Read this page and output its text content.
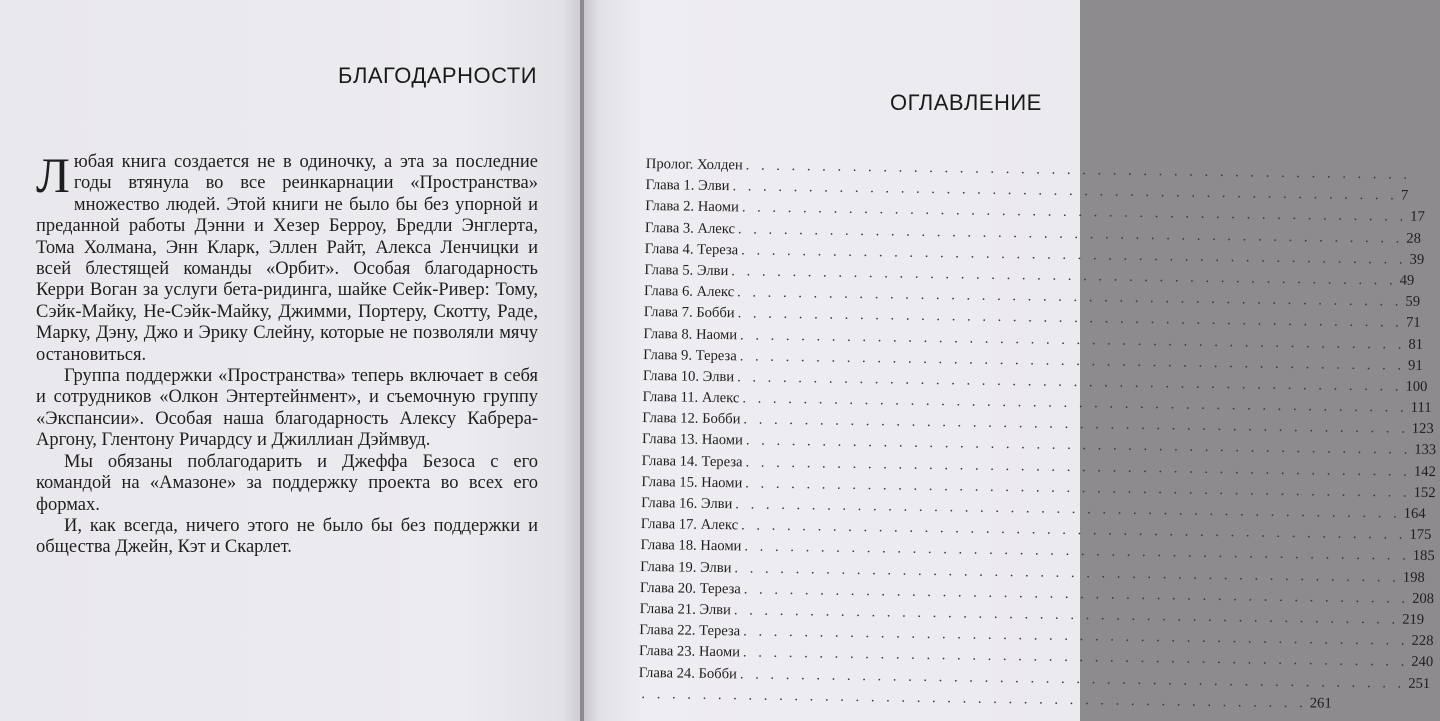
БЛАГОДАРНОСТИ

Любая книга создается не в одиночку, а эта за последние годы втянула во все реинкарнации «Пространства» множество людей. Этой книги не было бы без упорной и преданной работы Дэнни и Хезер Берроу, Бредли Энглерта, Тома Холмана, Энн Кларк, Эллен Райт, Алекса Ленчицки и всей блестящей команды «Орбит». Особая благодарность Керри Воган за услуги бета-ридинга, шайке Сейк-Ривер: Тому, Сэйк-Майку, Не-Сэйк-Майку, Джимми, Портеру, Скотту, Раде, Марку, Дэну, Джо и Эрику Слейну, которые не позволяли мячу остановиться.

Группа поддержки «Пространства» теперь включает в себя и сотрудников «Олкон Энтертейнмент», и съемочную группу «Экспансии». Особая наша благодарность Алексу Кабрера-Аргону, Глентону Ричардсу и Джиллиан Дэймвуд.

Мы обязаны поблагодарить и Джеффа Безоса с его командой на «Амазоне» за поддержку проекта во всех его формах.

И, как всегда, ничего этого не было бы без поддержки и общества Джейн, Кэт и Скарлет.

ОГЛАВЛЕНИЕ
Пролог. Холден . . . . . . . . . . . . . . . . . . . . . . . . . . . . . . . . . . . . . . . . . . . .
Глава 1. Элви . . . . . . . . . . . . . . . . . . . . . . . . . . . . . . . . . . . . . . . . . . . . 7
Глава 2. Наоми . . . . . . . . . . . . . . . . . . . . . . . . . . . . . . . . . . . . . . . . . . . . 17
Глава 3. Алекс . . . . . . . . . . . . . . . . . . . . . . . . . . . . . . . . . . . . . . . . . . . . 28
Глава 4. Тереза . . . . . . . . . . . . . . . . . . . . . . . . . . . . . . . . . . . . . . . . . . . . 39
Глава 5. Элви . . . . . . . . . . . . . . . . . . . . . . . . . . . . . . . . . . . . . . . . . . . . 49
Глава 6. Алекс . . . . . . . . . . . . . . . . . . . . . . . . . . . . . . . . . . . . . . . . . . . . 59
Глава 7. Бобби . . . . . . . . . . . . . . . . . . . . . . . . . . . . . . . . . . . . . . . . . . . . 71
Глава 8. Наоми . . . . . . . . . . . . . . . . . . . . . . . . . . . . . . . . . . . . . . . . . . . . 81
Глава 9. Тереза . . . . . . . . . . . . . . . . . . . . . . . . . . . . . . . . . . . . . . . . . . . . 91
Глава 10. Элви . . . . . . . . . . . . . . . . . . . . . . . . . . . . . . . . . . . . . . . . . . . . 100
Глава 11. Алекс . . . . . . . . . . . . . . . . . . . . . . . . . . . . . . . . . . . . . . . . . . . . 111
Глава 12. Бобби . . . . . . . . . . . . . . . . . . . . . . . . . . . . . . . . . . . . . . . . . . . . 123
Глава 13. Наоми . . . . . . . . . . . . . . . . . . . . . . . . . . . . . . . . . . . . . . . . . . . . 133
Глава 14. Тереза . . . . . . . . . . . . . . . . . . . . . . . . . . . . . . . . . . . . . . . . . . . . 142
Глава 15. Наоми . . . . . . . . . . . . . . . . . . . . . . . . . . . . . . . . . . . . . . . . . . . . 152
Глава 16. Элви . . . . . . . . . . . . . . . . . . . . . . . . . . . . . . . . . . . . . . . . . . . . 164
Глава 17. Алекс . . . . . . . . . . . . . . . . . . . . . . . . . . . . . . . . . . . . . . . . . . . . 175
Глава 18. Наоми . . . . . . . . . . . . . . . . . . . . . . . . . . . . . . . . . . . . . . . . . . . . 185
Глава 19. Элви . . . . . . . . . . . . . . . . . . . . . . . . . . . . . . . . . . . . . . . . . . . . 198
Глава 20. Тереза . . . . . . . . . . . . . . . . . . . . . . . . . . . . . . . . . . . . . . . . . . . . 208
Глава 21. Элви . . . . . . . . . . . . . . . . . . . . . . . . . . . . . . . . . . . . . . . . . . . . 219
Глава 22. Тереза . . . . . . . . . . . . . . . . . . . . . . . . . . . . . . . . . . . . . . . . . . . . 228
Глава 23. Наоми . . . . . . . . . . . . . . . . . . . . . . . . . . . . . . . . . . . . . . . . . . . . 240
Глава 24. Бобби . . . . . . . . . . . . . . . . . . . . . . . . . . . . . . . . . . . . . . . . . . . . 251
. . . . . . . . . . . . . . . . . . . . . . . . . . . . . . . . . . . . . . . . . . . . 261
